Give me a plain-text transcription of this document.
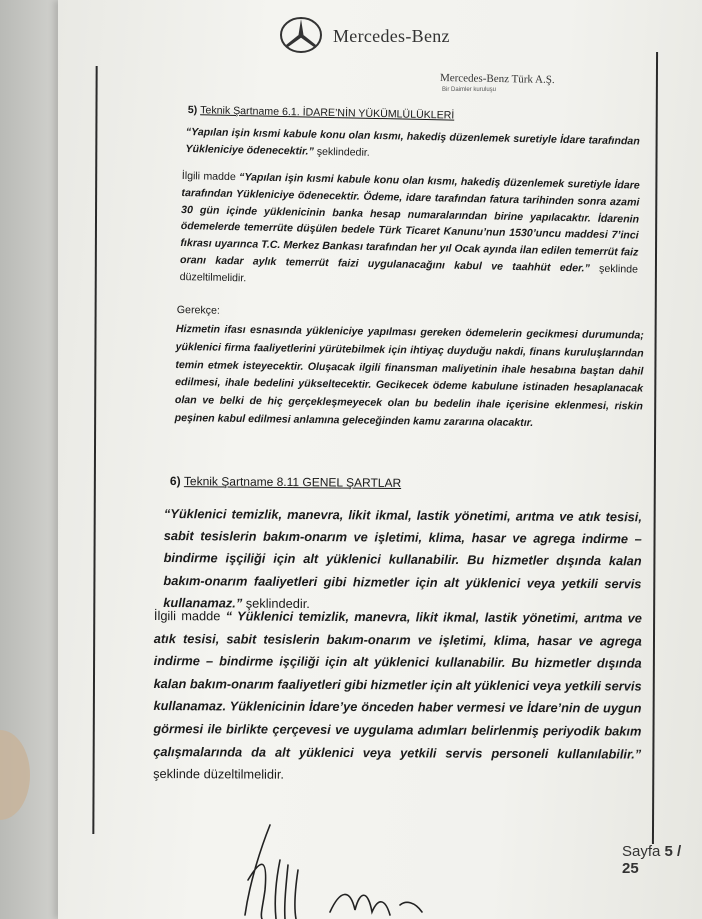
Mercedes-Benz
Mercedes-Benz Türk A.Ş.
Bir Daimler kuruluşu
5) Teknik Şartname 6.1. İDARE’NİN YÜKÜMLÜLÜKLERİ
“Yapılan işin kısmi kabule konu olan kısmı, hakediş düzenlemek suretiyle İdare tarafından Yükleniciye ödenecektir.” şeklindedir.
İlgili madde “Yapılan işin kısmi kabule konu olan kısmı, hakediş düzenlemek suretiyle İdare tarafından Yükleniciye ödenecektir. Ödeme, idare tarafından fatura tarihinden sonra azami 30 gün içinde yüklenicinin banka hesap numaralarından birine yapılacaktır. İdarenin ödemelerde temerrüte düşülen bedele Türk Ticaret Kanunu’nun 1530’uncu maddesi 7’inci fıkrası uyarınca T.C. Merkez Bankası tarafından her yıl Ocak ayında ilan edilen temerrüt faiz oranı kadar aylık temerrüt faizi uygulanacağını kabul ve taahhüt eder.” şeklinde düzeltilmelidir.
Gerekçe:
Hizmetin ifası esnasında yükleniciye yapılması gereken ödemelerin gecikmesi durumunda; yüklenici firma faaliyetlerini yürütebilmek için ihtiyaç duyduğu nakdi, finans kuruluşlarından temin etmek isteyecektir. Oluşacak ilgili finansman maliyetinin ihale hesabına baştan dahil edilmesi, ihale bedelini yükseltecektir. Gecikecek ödeme kabulune istinaden hesaplanacak olan ve belki de hiç gerçekleşmeyecek olan bu bedelin ihale içerisine eklenmesi, riskin peşinen kabul edilmesi anlamına geleceğinden kamu zararına olacaktır.
6) Teknik Şartname 8.11 GENEL ŞARTLAR
“Yüklenici temizlik, manevra, likit ikmal, lastik yönetimi, arıtma ve atık tesisi, sabit tesislerin bakım-onarım ve işletimi, klima, hasar ve agrega indirme – bindirme işçiliği için alt yüklenici kullanabilir. Bu hizmetler dışında kalan bakım-onarım faaliyetleri gibi hizmetler için alt yüklenici veya yetkili servis kullanamaz.” şeklindedir.
İlgili madde “ Yüklenici temizlik, manevra, likit ikmal, lastik yönetimi, arıtma ve atık tesisi, sabit tesislerin bakım-onarım ve işletimi, klima, hasar ve agrega indirme – bindirme işçiliği için alt yüklenici kullanabilir. Bu hizmetler dışında kalan bakım-onarım faaliyetleri gibi hizmetler için alt yüklenici veya yetkili servis kullanamaz. Yüklenicinin İdare’ye önceden haber vermesi ve İdare’nin de uygun görmesi ile birlikte çerçevesi ve uygulama adımları belirlenmiş periyodik bakım çalışmalarında da alt yüklenici veya yetkili servis personeli kullanılabilir.” şeklinde düzeltilmelidir.
Sayfa 5 / 25
